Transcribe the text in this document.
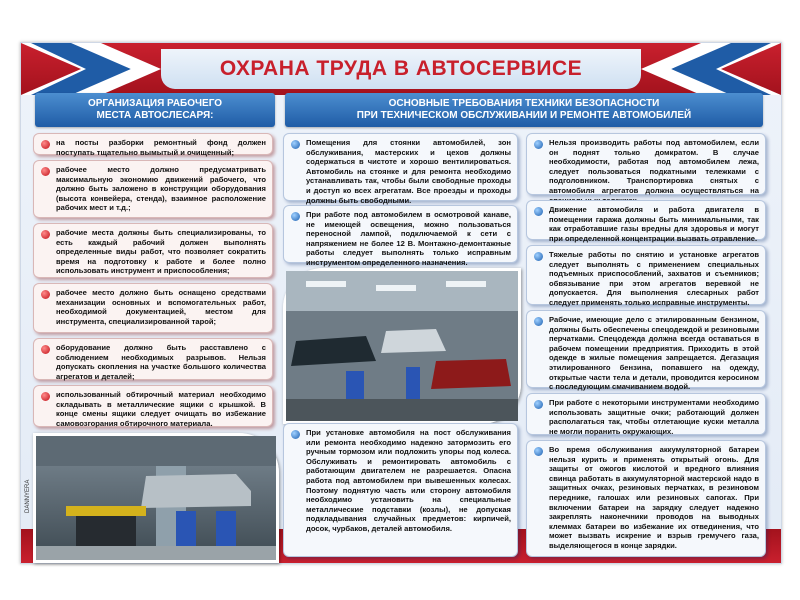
ОХРАНА ТРУДА В АВТОСЕРВИСЕ
ОРГАНИЗАЦИЯ РАБОЧЕГО
МЕСТА АВТОСЛЕСАРЯ:
ОСНОВНЫЕ ТРЕБОВАНИЯ ТЕХНИКИ БЕЗОПАСНОСТИ
ПРИ ТЕХНИЧЕСКОМ ОБСЛУЖИВАНИИ И РЕМОНТЕ АВТОМОБИЛЕЙ
на посты разборки ремонтный фонд должен поступать тщательно вымытый и очищенный;
рабочее место должно предусматривать максимальную экономию движений рабочего, что должно быть заложено в конструкции оборудования (высота конвейера, стенда), взаимное расположение рабочих мест и т.д.;
рабочие места должны быть специализированы, то есть каждый рабочий должен выполнять определенные виды работ, что позволяет сократить время на подготовку к работе и более полно использовать инструмент и приспособления;
рабочее место должно быть оснащено средствами механизации основных и вспомогательных работ, необходимой документацией, местом для инструмента, специализированной тарой;
оборудование должно быть расставлено с соблюдением необходимых разрывов. Нельзя допускать скопления на участке большого количества агрегатов и деталей;
использованный обтирочный материал необходимо складывать в металлические ящики с крышкой. В конце смены ящики следует очищать во избежание самовозгорания обтирочного материала.
Помещения для стоянки автомобилей, зон обслуживания, мастерских и цехов должны содержаться в чистоте и хорошо вентилироваться. Автомобиль на стоянке и для ремонта необходимо устанавливать так, чтобы были свободные проходы и доступ ко всех агрегатам. Все проезды и проходы должны быть свободными.
При работе под автомобилем в осмотровой канаве, не имеющей освещения, можно пользоваться переносной лампой, подключаемой к сети с напряжением не более 12 В. Монтажно-демонтажные работы следует выполнять только исправным инструментом определенного назначения.
При установке автомобиля на пост обслуживания или ремонта необходимо надежно затормозить его ручным тормозом или подложить упоры под колеса. Обслуживать и ремонтировать автомобиль с работающим двигателем не разрешается. Опасна работа под автомобилем при вывешенных колесах. Поэтому поднятую часть или сторону автомобиля необходимо установить на специальные металлические подставки (козлы), не допуская подкладывания случайных предметов: кирпичей, досок, чурбаков, деталей автомобиля.
Нельзя производить работы под автомобилем, если он поднят только домкратом. В случае необходимости, работая под автомобилем лежа, следует пользоваться подкатными тележками с подголовником. Транспортировка снятых с автомобиля агрегатов должна осуществляться на
Движение автомобиля и работа двигателя в помещении гаража должны быть минимальными, так как отработавшие газы вредны для здоровья и могут при определенной концентрации вызвать отравление.
Тяжелые работы по снятию и установке агрегатов следует выполнять с применением специальных подъемных приспособлений, захватов и съемников; обвязывание при этом агрегатов веревкой не допускается. Для выполнения слесарных работ следует применять только исправные инструменты.
Рабочие, имеющие дело с этилированным бензином, должны быть обеспечены спецодеждой и резиновыми перчатками. Спецодежда должна всегда оставаться в рабочем помещении предприятия. Приходить в этой одежде в жилые помещения запрещается. Дегазация этилированного бензина, попавшего на одежду, открытые части тела и детали, проводится керосином с последующим смачиванием водой.
При работе с некоторыми инструментами необходимо использовать защитные очки; работающий должен располагаться так, чтобы отлетающие куски металла не могли поранить окружающих.
Во время обслуживания аккумуляторной батареи нельзя курить и применять открытый огонь. Для защиты от ожогов кислотой и вредного влияния свинца работать в аккумуляторной мастерской надо в защитных очках, резиновых перчатках, в резиновом переднике, галошах или резиновых сапогах. При включении батареи на зарядку следует надежно закреплять наконечники проводов на выводных клеммах батареи во избежание их отвединения, что может вызвать искрение и взрыв гремучего газа, выделяющегося в конце зарядки.
DANNYERA
